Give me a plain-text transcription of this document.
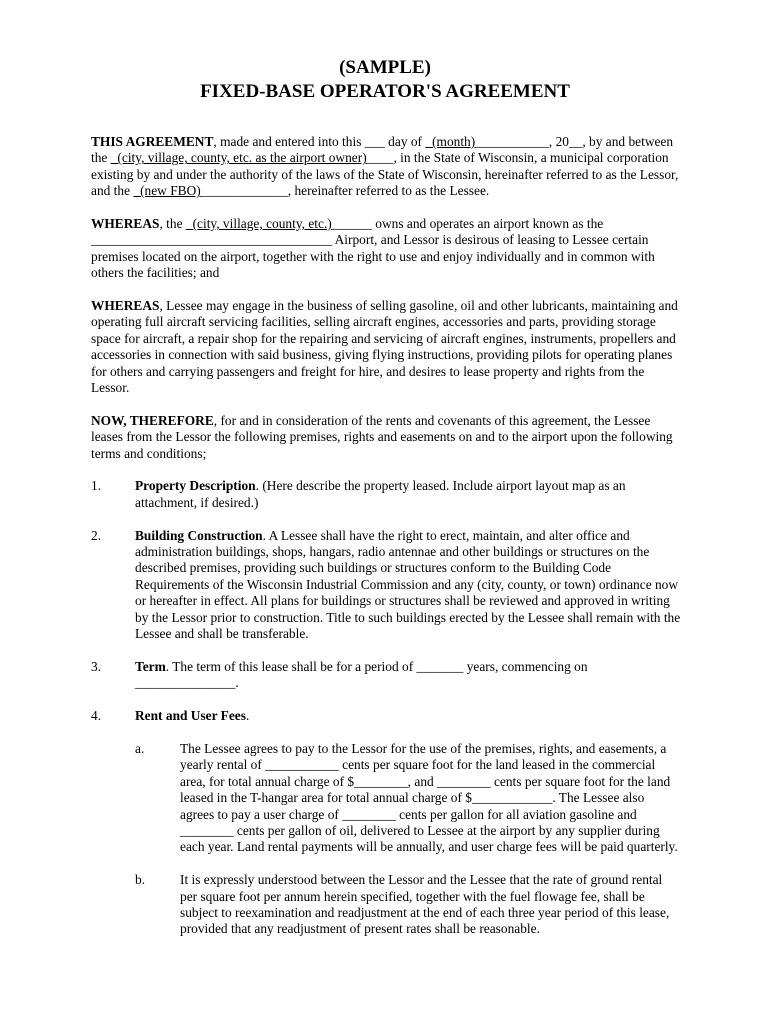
(SAMPLE)
FIXED-BASE OPERATOR'S AGREEMENT

THIS AGREEMENT, made and entered into this ___ day of _(month)___________, 20__, by and between the _(city, village, county, etc. as the airport owner)____, in the State of Wisconsin, a municipal corporation existing by and under the authority of the laws of the State of Wisconsin, hereinafter referred to as the Lessor, and the _(new FBO)_____________, hereinafter referred to as the Lessee.

WHEREAS, the _(city, village, county, etc.)______ owns and operates an airport known as the ____________________________________ Airport, and Lessor is desirous of leasing to Lessee certain premises located on the airport, together with the right to use and enjoy individually and in common with others the facilities; and

WHEREAS, Lessee may engage in the business of selling gasoline, oil and other lubricants, maintaining and operating full aircraft servicing facilities, selling aircraft engines, accessories and parts, providing storage space for aircraft, a repair shop for the repairing and servicing of aircraft engines, instruments, propellers and accessories in connection with said business, giving flying instructions, providing pilots for operating planes for others and carrying passengers and freight for hire, and desires to lease property and rights from the Lessor.

NOW, THEREFORE, for and in consideration of the rents and covenants of this agreement, the Lessee leases from the Lessor the following premises, rights and easements on and to the airport upon the following terms and conditions;

1.	Property Description. (Here describe the property leased. Include airport layout map as an attachment, if desired.)
2.	Building Construction. A Lessee shall have the right to erect, maintain, and alter office and administration buildings, shops, hangars, radio antennae and other buildings or structures on the described premises, providing such buildings or structures conform to the Building Code Requirements of the Wisconsin Industrial Commission and any (city, county, or town) ordinance now or hereafter in effect. All plans for buildings or structures shall be reviewed and approved in writing by the Lessor prior to construction. Title to such buildings erected by the Lessee shall remain with the Lessee and shall be transferable.
3.	Term. The term of this lease shall be for a period of _______ years, commencing on
_______________.
4.	Rent and User Fees.
a.	The Lessee agrees to pay to the Lessor for the use of the premises, rights, and easements, a yearly rental of ___________ cents per square foot for the land leased in the commercial area, for total annual charge of $________, and ________ cents per square foot for the land leased in the T-hangar area for total annual charge of $____________. The Lessee also agrees to pay a user charge of ________ cents per gallon for all aviation gasoline and ________ cents per gallon of oil, delivered to Lessee at the airport by any supplier during each year. Land rental payments will be annually, and user charge fees will be paid quarterly.
b.	It is expressly understood between the Lessor and the Lessee that the rate of ground rental per square foot per annum herein specified, together with the fuel flowage fee, shall be subject to reexamination and readjustment at the end of each three year period of this lease, provided that any readjustment of present rates shall be reasonable.
